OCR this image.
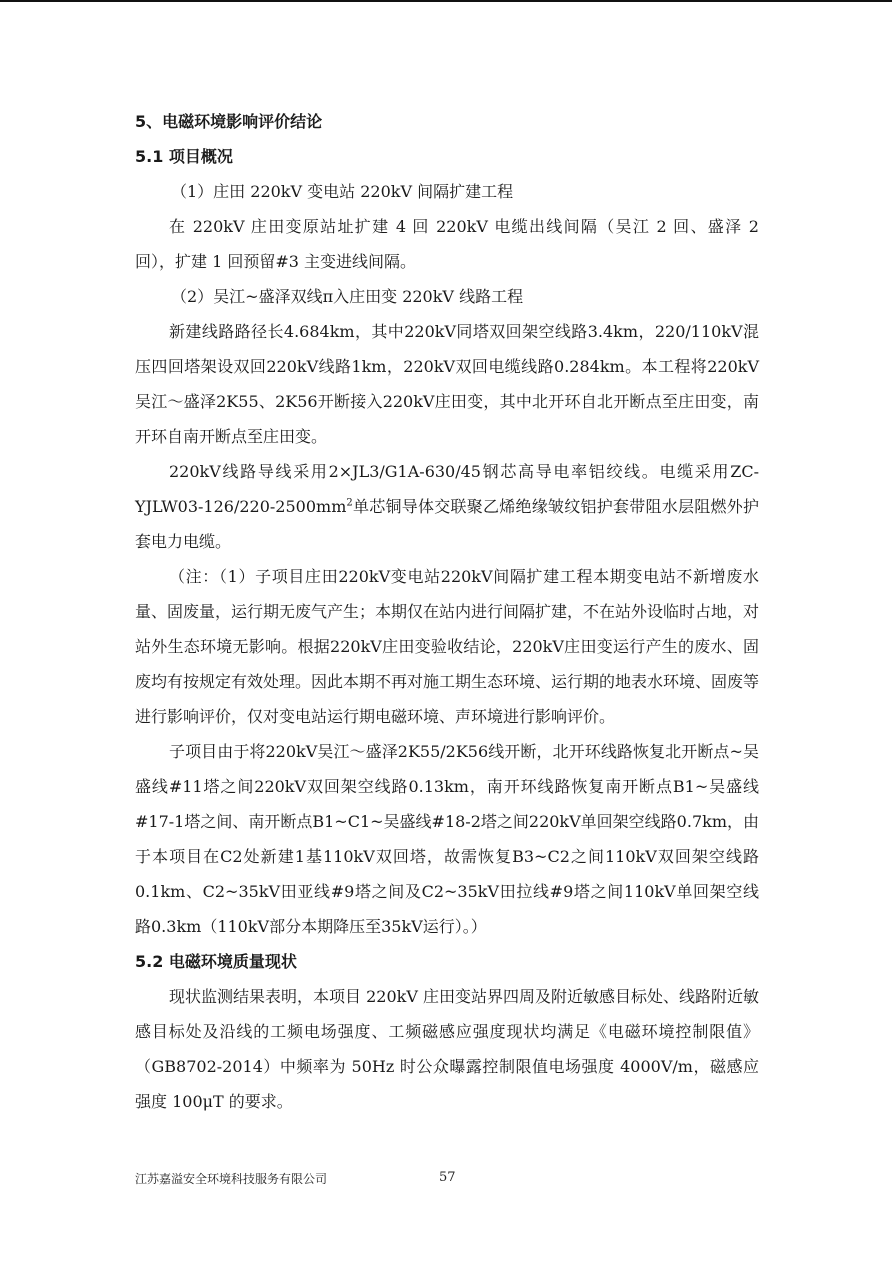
5、电磁环境影响评价结论

5.1 项目概况

（1）庄田 220kV 变电站 220kV 间隔扩建工程

在 220kV 庄田变原站址扩建 4 回 220kV 电缆出线间隔（吴江 2 回、盛泽 2 回），扩建 1 回预留#3 主变进线间隔。

（2）吴江~盛泽双线π入庄田变 220kV 线路工程

新建线路路径长4.684km，其中220kV同塔双回架空线路3.4km，220/110kV混压四回塔架设双回220kV线路1km，220kV双回电缆线路0.284km。本工程将220kV吴江～盛泽2K55、2K56开断接入220kV庄田变，其中北开环自北开断点至庄田变，南开环自南开断点至庄田变。

220kV线路导线采用2×JL3/G1A-630/45钢芯高导电率铝绞线。电缆采用$ZC-YJLW03-126/220-2500mm^2$单芯铜导体交联聚乙烯绝缘皱纹铝护套带阻水层阻燃外护套电力电缆。

（注：（1）子项目庄田220kV变电站220kV间隔扩建工程本期变电站不新增废水量、固废量，运行期无废气产生；本期仅在站内进行间隔扩建，不在站外设临时占地，对站外生态环境无影响。根据220kV庄田变验收结论，220kV庄田变运行产生的废水、固废均有按规定有效处理。因此本期不再对施工期生态环境、运行期的地表水环境、固废等进行影响评价，仅对变电站运行期电磁环境、声环境进行影响评价。

子项目由于将220kV吴江～盛泽2K55/2K56线开断，北开环线路恢复北开断点~吴盛线#11塔之间220kV双回架空线路0.13km，南开环线路恢复南开断点B1~吴盛线#17-1塔之间、南开断点B1~C1~吴盛线#18-2塔之间220kV单回架空线路0.7km，由于本项目在C2处新建1基110kV双回塔，故需恢复B3~C2之间110kV双回架空线路0.1km、C2~35kV田亚线#9塔之间及C2~35kV田拉线#9塔之间110kV单回架空线路0.3km（110kV部分本期降压至35kV运行）。）

5.2 电磁环境质量现状

现状监测结果表明，本项目 220kV 庄田变站界四周及附近敏感目标处、线路附近敏感目标处及沿线的工频电场强度、工频磁感应强度现状均满足《电磁环境控制限值》（GB8702-2014）中频率为 50Hz 时公众曝露控制限值电场强度 4000V/m，磁感应强度 100μT 的要求。

江苏嘉溢安全环境科技服务有限公司	57
